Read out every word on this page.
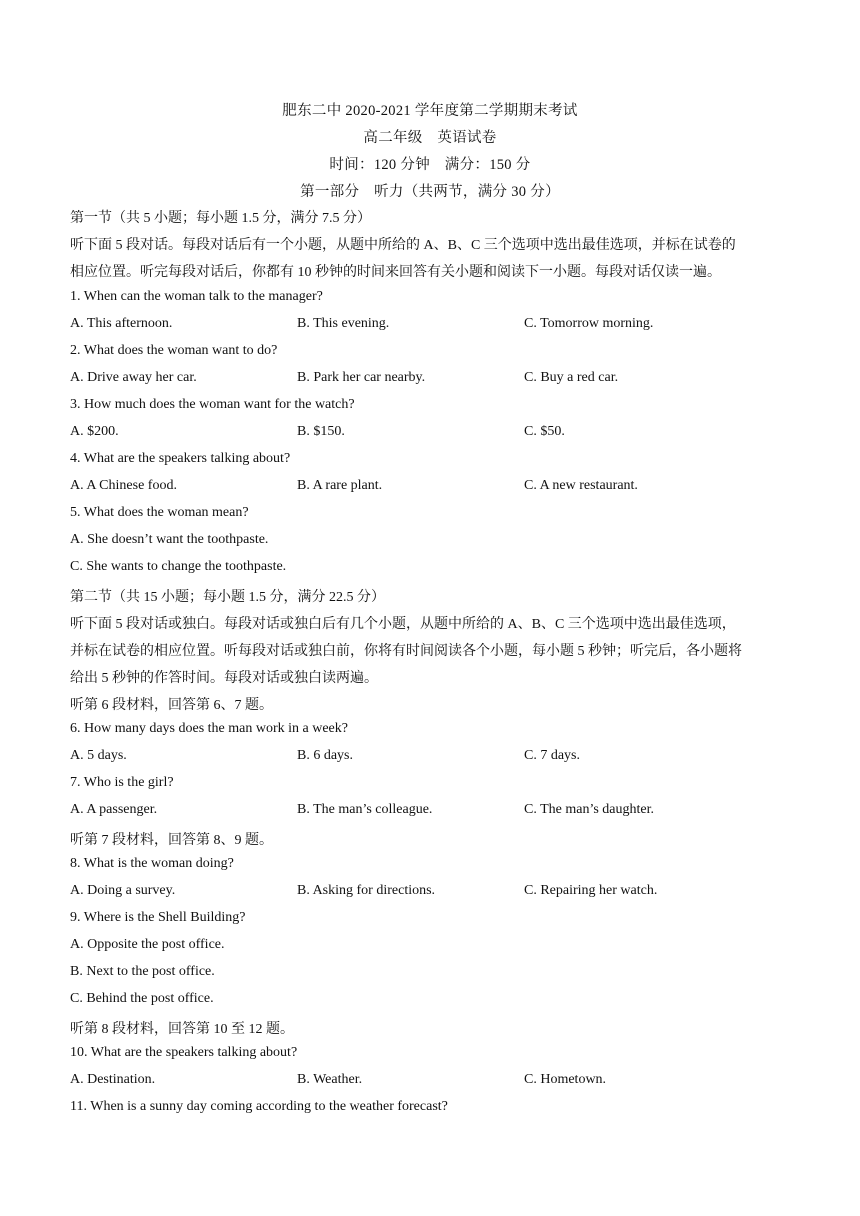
肥东二中 2020-2021 学年度第二学期期末考试
高二年级　英语试卷
时间：120 分钟　满分：150 分
第一部分　听力（共两节，满分 30 分）
第一节（共 5 小题；每小题 1.5 分，满分 7.5 分）
听下面 5 段对话。每段对话后有一个小题，从题中所给的 A、B、C 三个选项中选出最佳选项，并标在试卷的
相应位置。听完每段对话后，你都有 10 秒钟的时间来回答有关小题和阅读下一小题。每段对话仅读一遍。
1. When can the woman talk to the manager?
A. This afternoon.	B. This evening.	C. Tomorrow morning.
2. What does the woman want to do?
A. Drive away her car.	B. Park her car nearby.	C. Buy a red car.
3. How much does the woman want for the watch?
A. $200.	B. $150.	C. $50.
4. What are the speakers talking about?
A. A Chinese food.	B. A rare plant.	C. A new restaurant.
5. What does the woman mean?
A. She doesn’t want the toothpaste.
C. She wants to change the toothpaste.
第二节（共 15 小题；每小题 1.5 分，满分 22.5 分）
听下面 5 段对话或独白。每段对话或独白后有几个小题，从题中所给的 A、B、C 三个选项中选出最佳选项，
并标在试卷的相应位置。听每段对话或独白前，你将有时间阅读各个小题，每小题 5 秒钟；听完后，各小题将
给出 5 秒钟的作答时间。每段对话或独白读两遍。
听第 6 段材料，回答第 6、7 题。
6. How many days does the man work in a week?
A. 5 days.	B. 6 days.	C. 7 days.
7. Who is the girl?
A. A passenger.	B. The man’s colleague.	C. The man’s daughter.
听第 7 段材料，回答第 8、9 题。
8. What is the woman doing?
A. Doing a survey.	B. Asking for directions.	C. Repairing her watch.
9. Where is the Shell Building?
A. Opposite the post office.
B. Next to the post office.
C. Behind the post office.
听第 8 段材料，回答第 10 至 12 题。
10. What are the speakers talking about?
A. Destination.	B. Weather.	C. Hometown.
11. When is a sunny day coming according to the weather forecast?
